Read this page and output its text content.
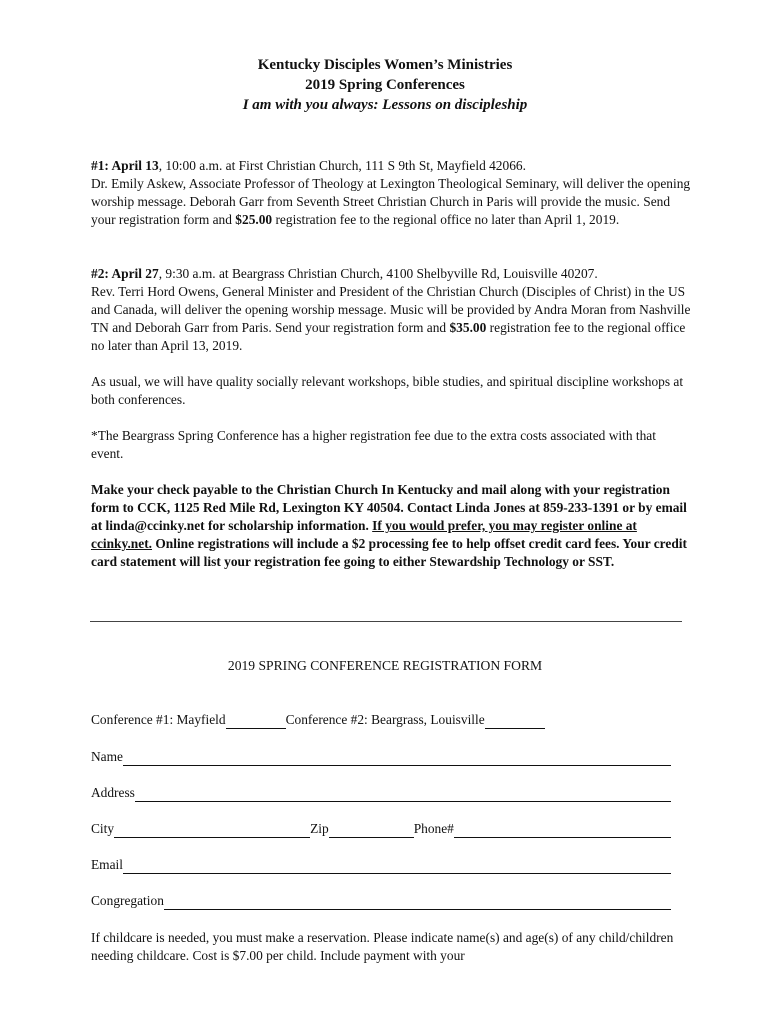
Kentucky Disciples Women’s Ministries
2019 Spring Conferences
I am with you always: Lessons on discipleship

#1: April 13, 10:00 a.m. at First Christian Church, 111 S 9th St, Mayfield 42066.
Dr. Emily Askew, Associate Professor of Theology at Lexington Theological Seminary, will deliver the opening worship message. Deborah Garr from Seventh Street Christian Church in Paris will provide the music. Send your registration form and $25.00 registration fee to the regional office no later than April 1, 2019.

#2: April 27, 9:30 a.m. at Beargrass Christian Church, 4100 Shelbyville Rd, Louisville 40207.
Rev. Terri Hord Owens, General Minister and President of the Christian Church (Disciples of Christ) in the US and Canada, will deliver the opening worship message. Music will be provided by Andra Moran from Nashville TN and Deborah Garr from Paris. Send your registration form and $35.00 registration fee to the regional office no later than April 13, 2019.

As usual, we will have quality socially relevant workshops, bible studies, and spiritual discipline workshops at both conferences.

*The Beargrass Spring Conference has a higher registration fee due to the extra costs associated with that event.

Make your check payable to the Christian Church In Kentucky and mail along with your registration form to CCK, 1125 Red Mile Rd, Lexington KY 40504. Contact Linda Jones at 859-233-1391 or by email at linda@ccinky.net for scholarship information. If you would prefer, you may register online at ccinky.net. Online registrations will include a $2 processing fee to help offset credit card fees. Your credit card statement will list your registration fee going to either Stewardship Technology or SST.

2019 SPRING CONFERENCE REGISTRATION FORM
Conference #1: Mayfield	Conference #2: Beargrass, Louisville
Name
Address
City	Zip	Phone#
Email
Congregation

If childcare is needed, you must make a reservation. Please indicate name(s) and age(s) of any child/children needing childcare. Cost is $7.00 per child. Include payment with your
